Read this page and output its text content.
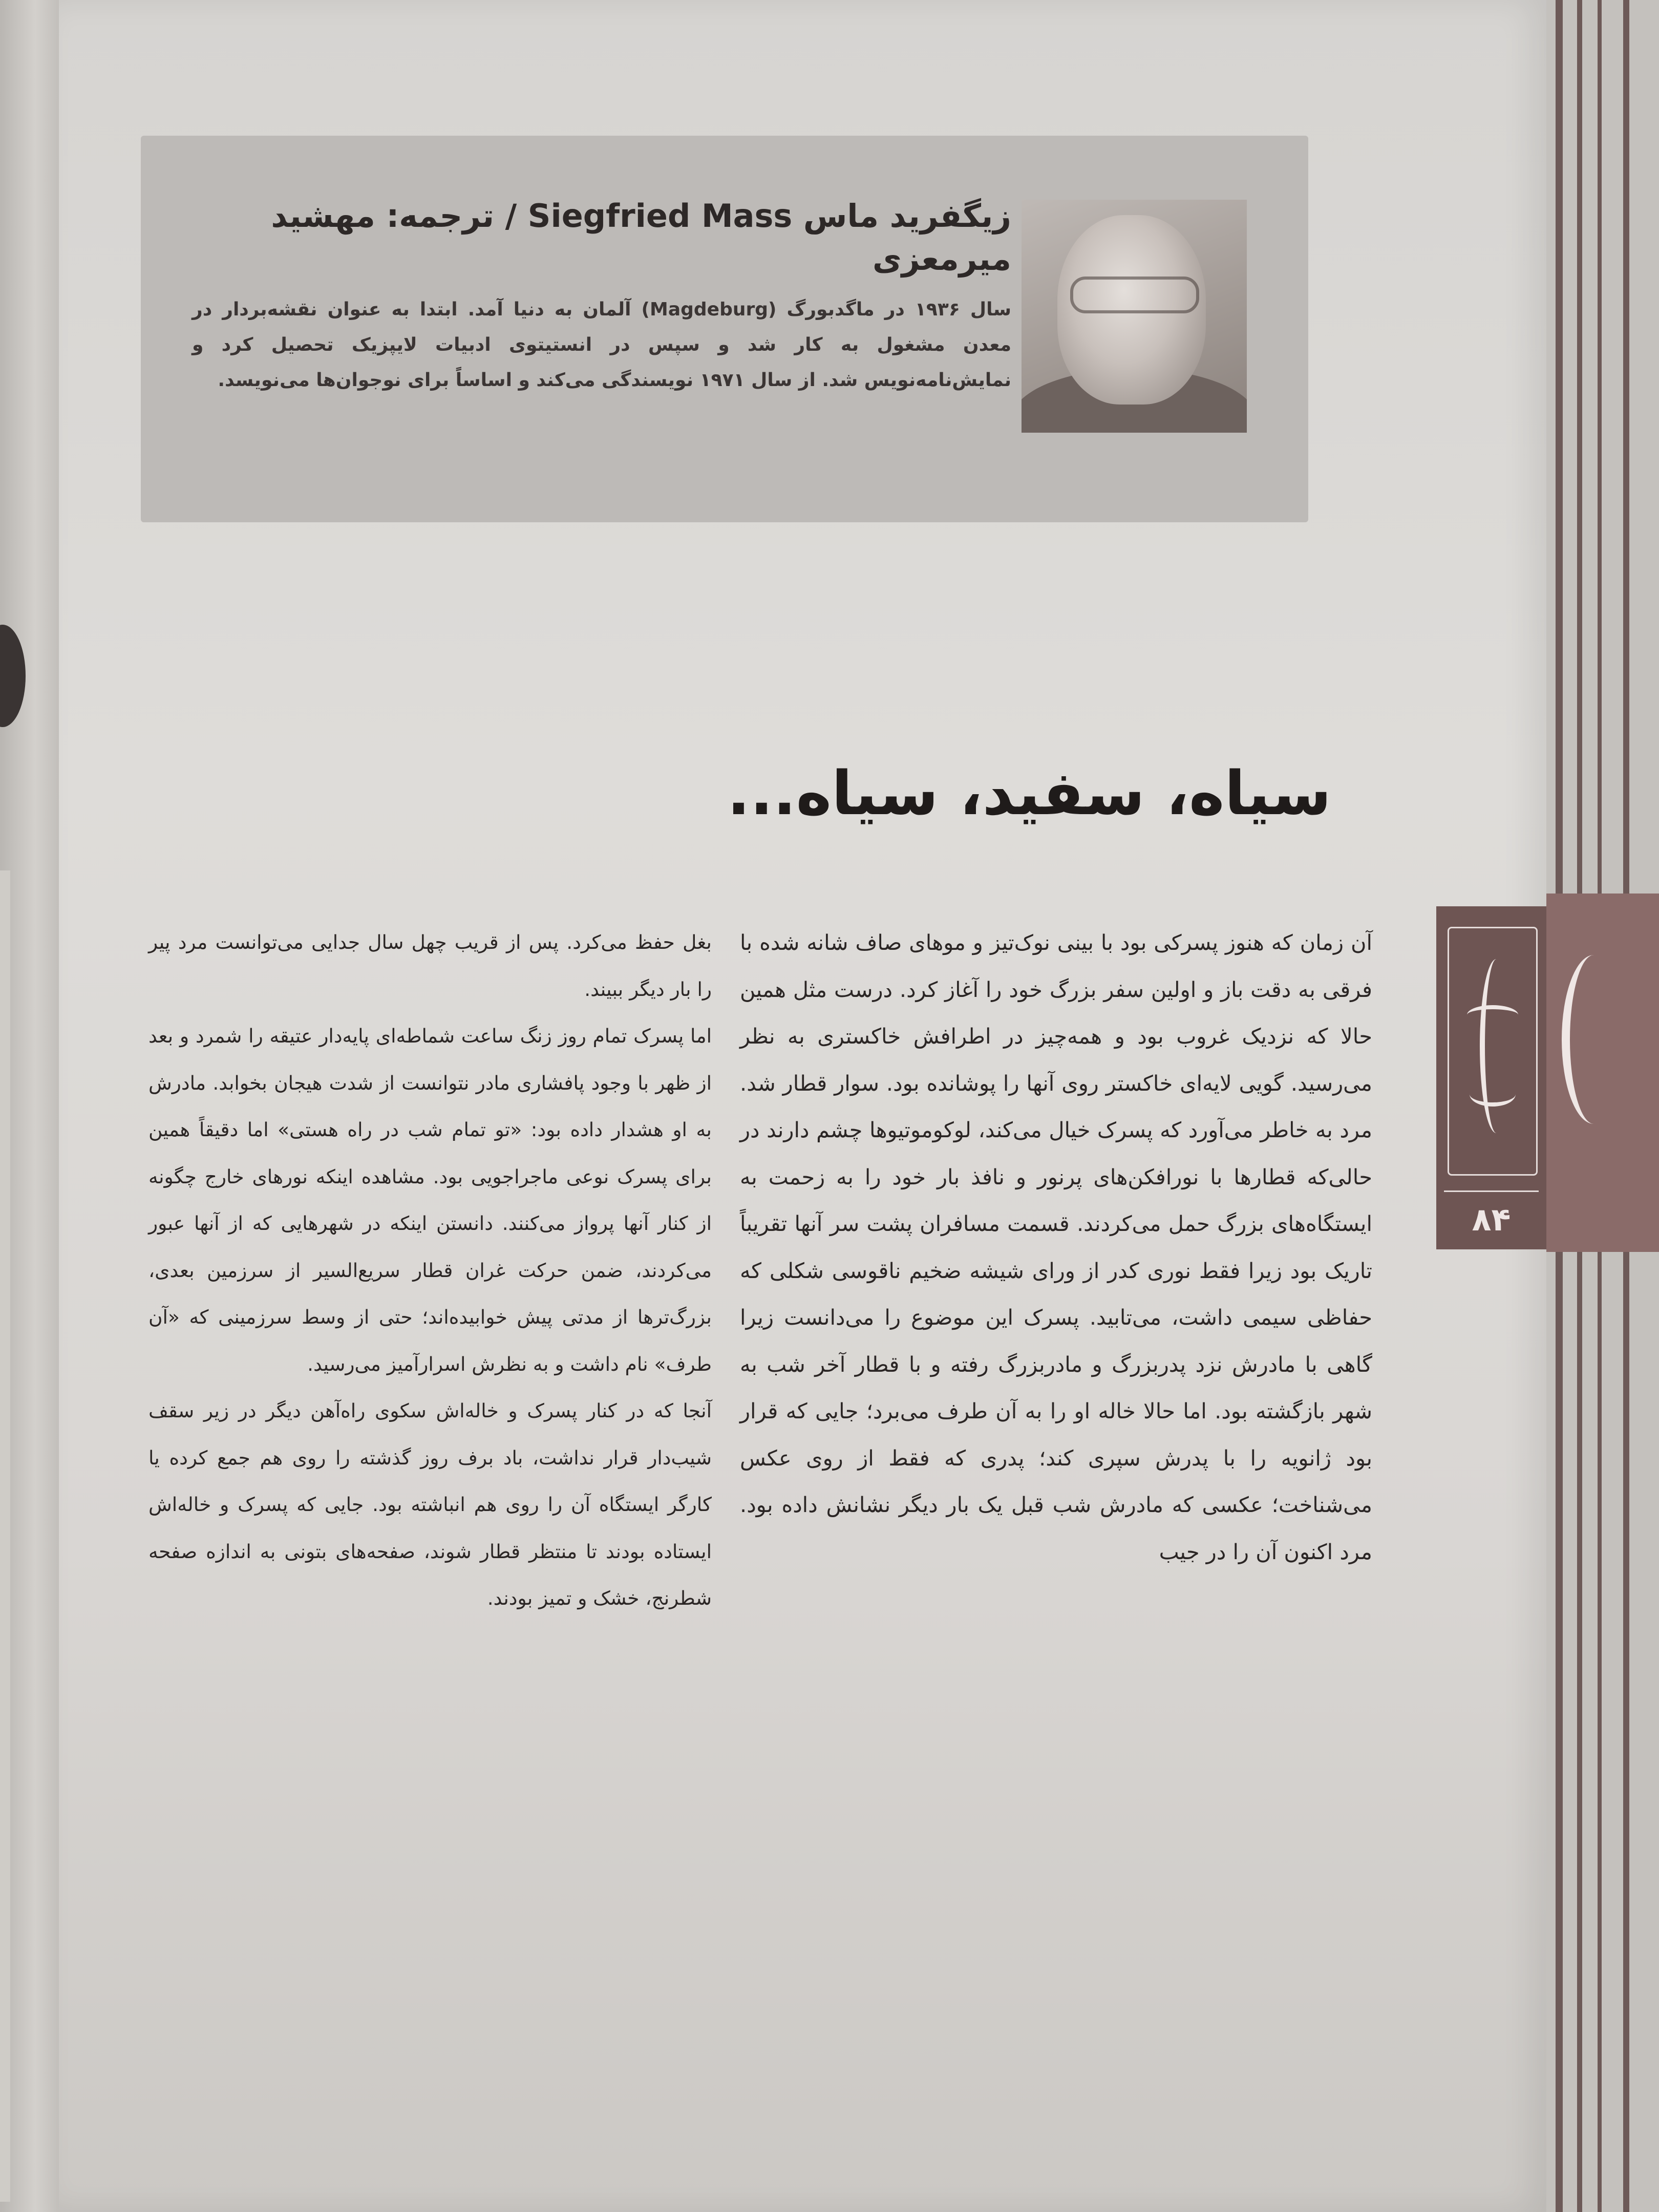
زیگفرید ماس Siegfried Mass / ترجمه: مهشید میرمعزی
سال ۱۹۳۶ در ماگدبورگ (Magdeburg) آلمان به دنیا آمد. ابتدا به عنوان نقشه‌بردار در معدن مشغول به کار شد و سپس در انستیتوی ادبیات لایپزیک تحصیل کرد و نمایش‌نامه‌نویس شد. از سال ۱۹۷۱ نویسندگی می‌کند و اساساً برای نوجوان‌ها می‌نویسد.
سیاه، سفید، سیاه...

آن زمان که هنوز پسرکی بود با بینی نوک‌تیز و موهای صاف شانه شده با فرقی به دقت باز و اولین سفر بزرگ خود را آغاز کرد. درست مثل همین حالا که نزدیک غروب بود و همه‌چیز در اطرافش خاکستری به نظر می‌رسید. گویی لایه‌ای خاکستر روی آنها را پوشانده بود. سوار قطار شد. مرد به خاطر می‌آورد که پسرک خیال می‌کند، لوکوموتیوها چشم دارند در حالی‌که قطارها با نورافکن‌های پرنور و نافذ بار خود را به زحمت به ایستگاه‌های بزرگ حمل می‌کردند. قسمت مسافران پشت سر آنها تقریباً تاریک بود زیرا فقط نوری کدر از ورای شیشه ضخیم ناقوسی شکلی که حفاظی سیمی داشت، می‌تابید. پسرک این موضوع را می‌دانست زیرا گاهی با مادرش نزد پدربزرگ و مادربزرگ رفته و با قطار آخر شب به شهر بازگشته بود. اما حالا خاله او را به آن طرف می‌برد؛ جایی که قرار بود ژانویه را با پدرش سپری کند؛ پدری که فقط از روی عکس می‌شناخت؛ عکسی که مادرش شب قبل یک بار دیگر نشانش داده بود. مرد اکنون آن را در جیب

بغل حفظ می‌کرد. پس از قریب چهل سال جدایی می‌توانست مرد پیر را بار دیگر ببیند.

اما پسرک تمام روز زنگ ساعت شماطه‌ای پایه‌دار عتیقه را شمرد و بعد از ظهر با وجود پافشاری مادر نتوانست از شدت هیجان بخوابد. مادرش به او هشدار داده بود: «تو تمام شب در راه هستی» اما دقیقاً همین برای پسرک نوعی ماجراجویی بود. مشاهده اینکه نورهای خارج چگونه از کنار آنها پرواز می‌کنند. دانستن اینکه در شهرهایی که از آنها عبور می‌کردند، ضمن حرکت غران قطار سریع‌السیر از سرزمین بعدی، بزرگ‌ترها از مدتی پیش خوابیده‌اند؛ حتی از وسط سرزمینی که «آن طرف» نام داشت و به نظرش اسرارآمیز می‌رسید.

آنجا که در کنار پسرک و خاله‌اش سکوی راه‌آهن دیگر در زیر سقف شیب‌دار قرار نداشت، باد برف روز گذشته را روی هم جمع کرده یا کارگر ایستگاه آن را روی هم انباشته بود. جایی که پسرک و خاله‌اش ایستاده بودند تا منتظر قطار شوند، صفحه‌های بتونی به اندازه صفحه شطرنج، خشک و تمیز بودند.

۸۴
